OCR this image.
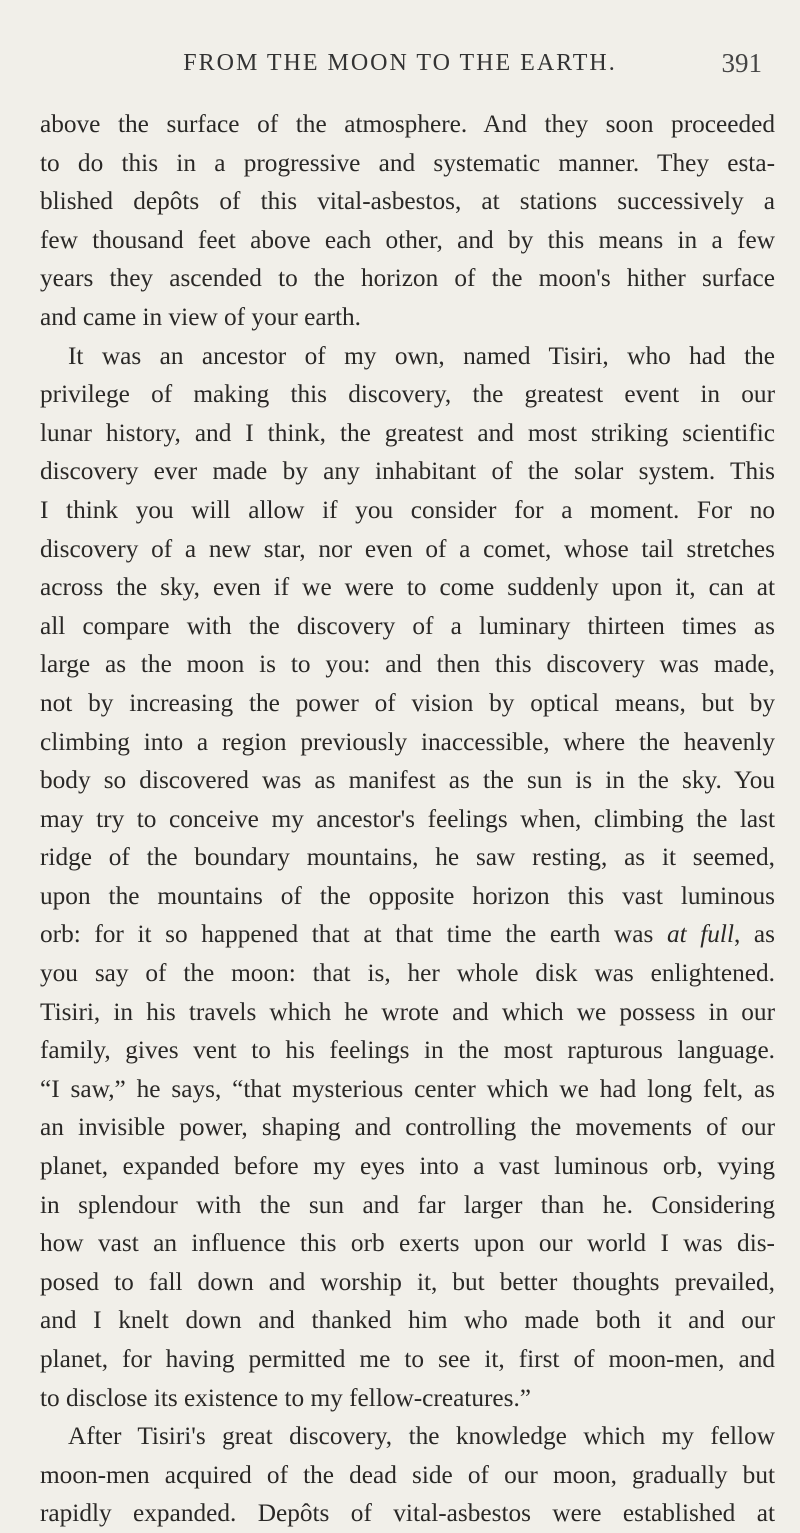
FROM THE MOON TO THE EARTH.	391
above the surface of the atmosphere. And they soon proceeded
to do this in a progressive and systematic manner. They esta-
blished depôts of this vital-asbestos, at stations successively a
few thousand feet above each other, and by this means in a few
years they ascended to the horizon of the moon's hither surface
and came in view of your earth.
It was an ancestor of my own, named Tisiri, who had the
privilege of making this discovery, the greatest event in our
lunar history, and I think, the greatest and most striking scientific
discovery ever made by any inhabitant of the solar system. This
I think you will allow if you consider for a moment. For no
discovery of a new star, nor even of a comet, whose tail stretches
across the sky, even if we were to come suddenly upon it, can at
all compare with the discovery of a luminary thirteen times as
large as the moon is to you: and then this discovery was made,
not by increasing the power of vision by optical means, but by
climbing into a region previously inaccessible, where the heavenly
body so discovered was as manifest as the sun is in the sky. You
may try to conceive my ancestor's feelings when, climbing the last
ridge of the boundary mountains, he saw resting, as it seemed,
upon the mountains of the opposite horizon this vast luminous
orb: for it so happened that at that time the earth was at full, as
you say of the moon: that is, her whole disk was enlightened.
Tisiri, in his travels which he wrote and which we possess in our
family, gives vent to his feelings in the most rapturous language.
“I saw,” he says, “that mysterious center which we had long felt, as
an invisible power, shaping and controlling the movements of our
planet, expanded before my eyes into a vast luminous orb, vying
in splendour with the sun and far larger than he. Considering
how vast an influence this orb exerts upon our world I was dis-
posed to fall down and worship it, but better thoughts prevailed,
and I knelt down and thanked him who made both it and our
planet, for having permitted me to see it, first of moon-men, and
to disclose its existence to my fellow-creatures.”
After Tisiri's great discovery, the knowledge which my fellow
moon-men acquired of the dead side of our moon, gradually but
rapidly expanded. Depôts of vital-asbestos were established at
